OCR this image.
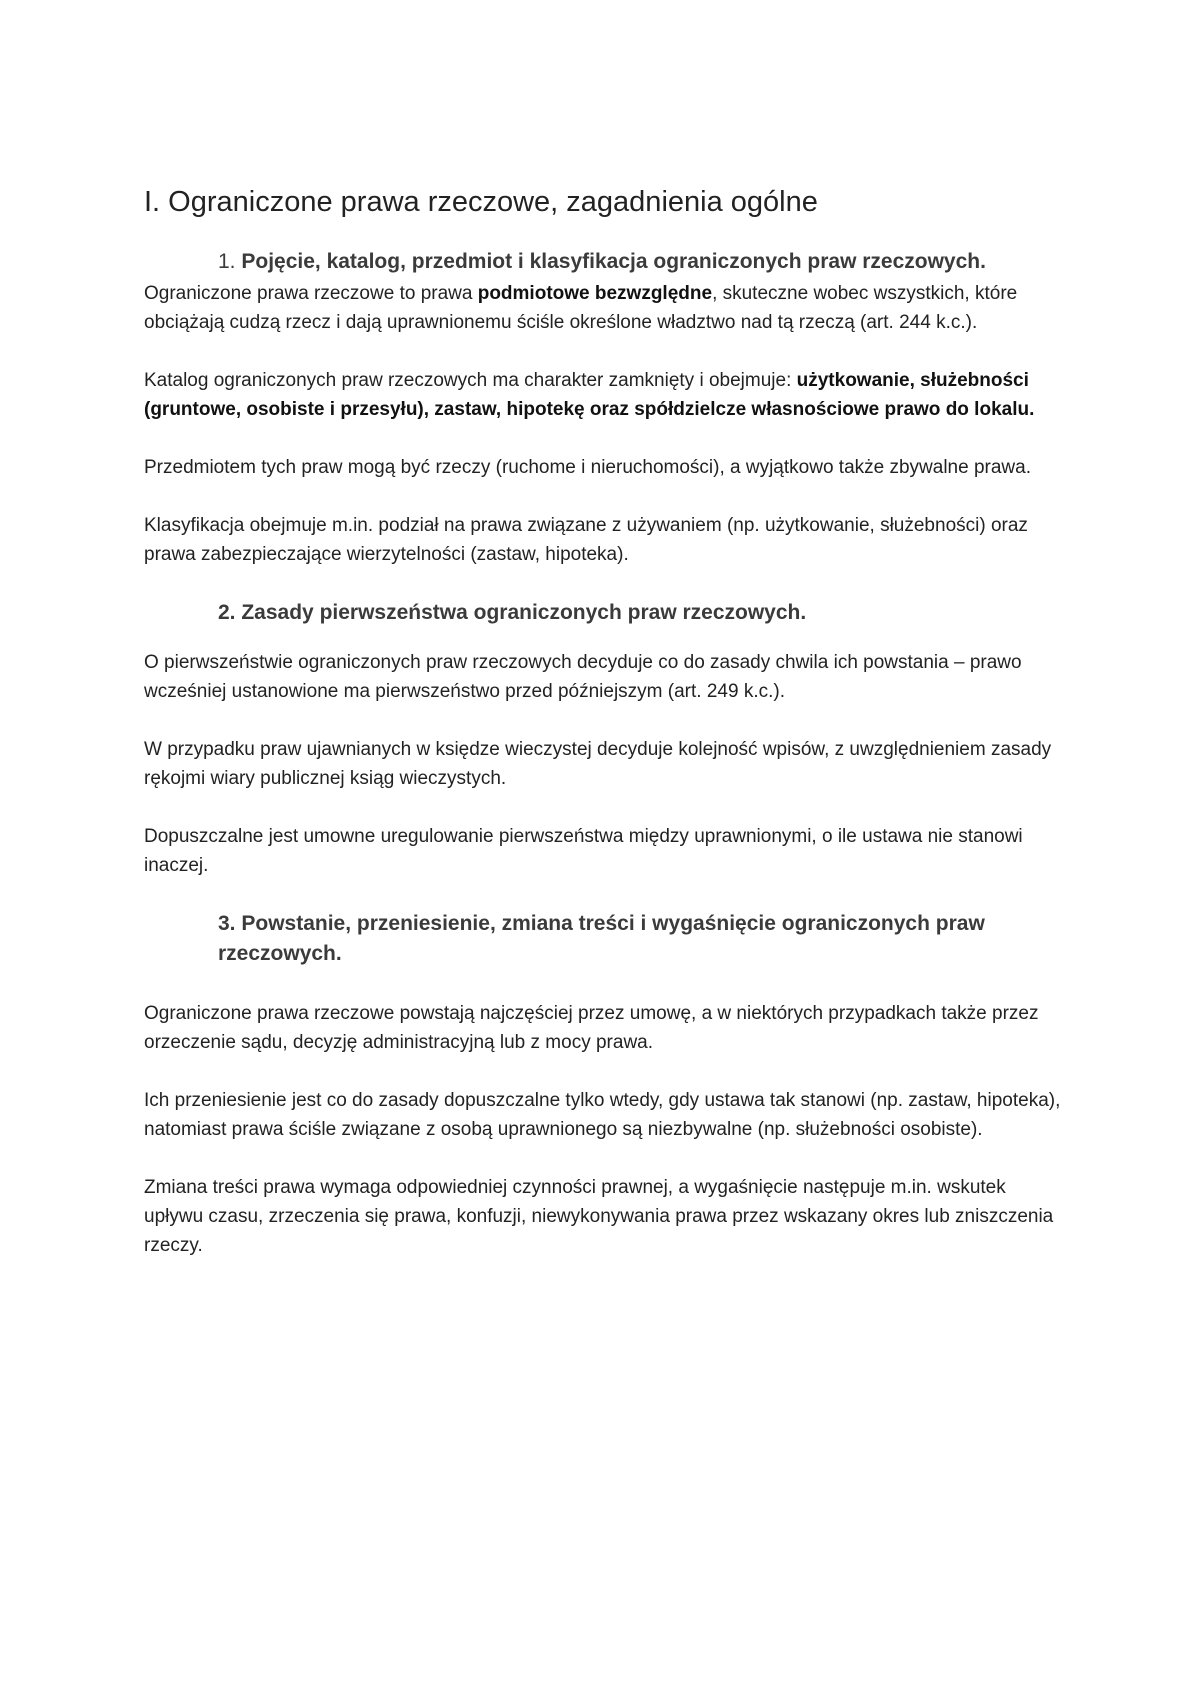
I. Ograniczone prawa rzeczowe, zagadnienia ogólne
1. Pojęcie, katalog, przedmiot i klasyfikacja ograniczonych praw rzeczowych.

Ograniczone prawa rzeczowe to prawa podmiotowe bezwzględne, skuteczne wobec wszystkich, które obciążają cudzą rzecz i dają uprawnionemu ściśle określone władztwo nad tą rzeczą (art. 244 k.c.).

Katalog ograniczonych praw rzeczowych ma charakter zamknięty i obejmuje: użytkowanie, służebności (gruntowe, osobiste i przesyłu), zastaw, hipotekę oraz spółdzielcze własnościowe prawo do lokalu.

Przedmiotem tych praw mogą być rzeczy (ruchome i nieruchomości), a wyjątkowo także zbywalne prawa.

Klasyfikacja obejmuje m.in. podział na prawa związane z używaniem (np. użytkowanie, służebności) oraz prawa zabezpieczające wierzytelności (zastaw, hipoteka).

2. Zasady pierwszeństwa ograniczonych praw rzeczowych.

O pierwszeństwie ograniczonych praw rzeczowych decyduje co do zasady chwila ich powstania – prawo wcześniej ustanowione ma pierwszeństwo przed późniejszym (art. 249 k.c.).

W przypadku praw ujawnianych w księdze wieczystej decyduje kolejność wpisów, z uwzględnieniem zasady rękojmi wiary publicznej ksiąg wieczystych.

Dopuszczalne jest umowne uregulowanie pierwszeństwa między uprawnionymi, o ile ustawa nie stanowi inaczej.

3. Powstanie, przeniesienie, zmiana treści i wygaśnięcie ograniczonych praw rzeczowych.

Ograniczone prawa rzeczowe powstają najczęściej przez umowę, a w niektórych przypadkach także przez orzeczenie sądu, decyzję administracyjną lub z mocy prawa.

Ich przeniesienie jest co do zasady dopuszczalne tylko wtedy, gdy ustawa tak stanowi (np. zastaw, hipoteka), natomiast prawa ściśle związane z osobą uprawnionego są niezbywalne (np. służebności osobiste).

Zmiana treści prawa wymaga odpowiedniej czynności prawnej, a wygaśnięcie następuje m.in. wskutek upływu czasu, zrzeczenia się prawa, konfuzji, niewykonywania prawa przez wskazany okres lub zniszczenia rzeczy.
